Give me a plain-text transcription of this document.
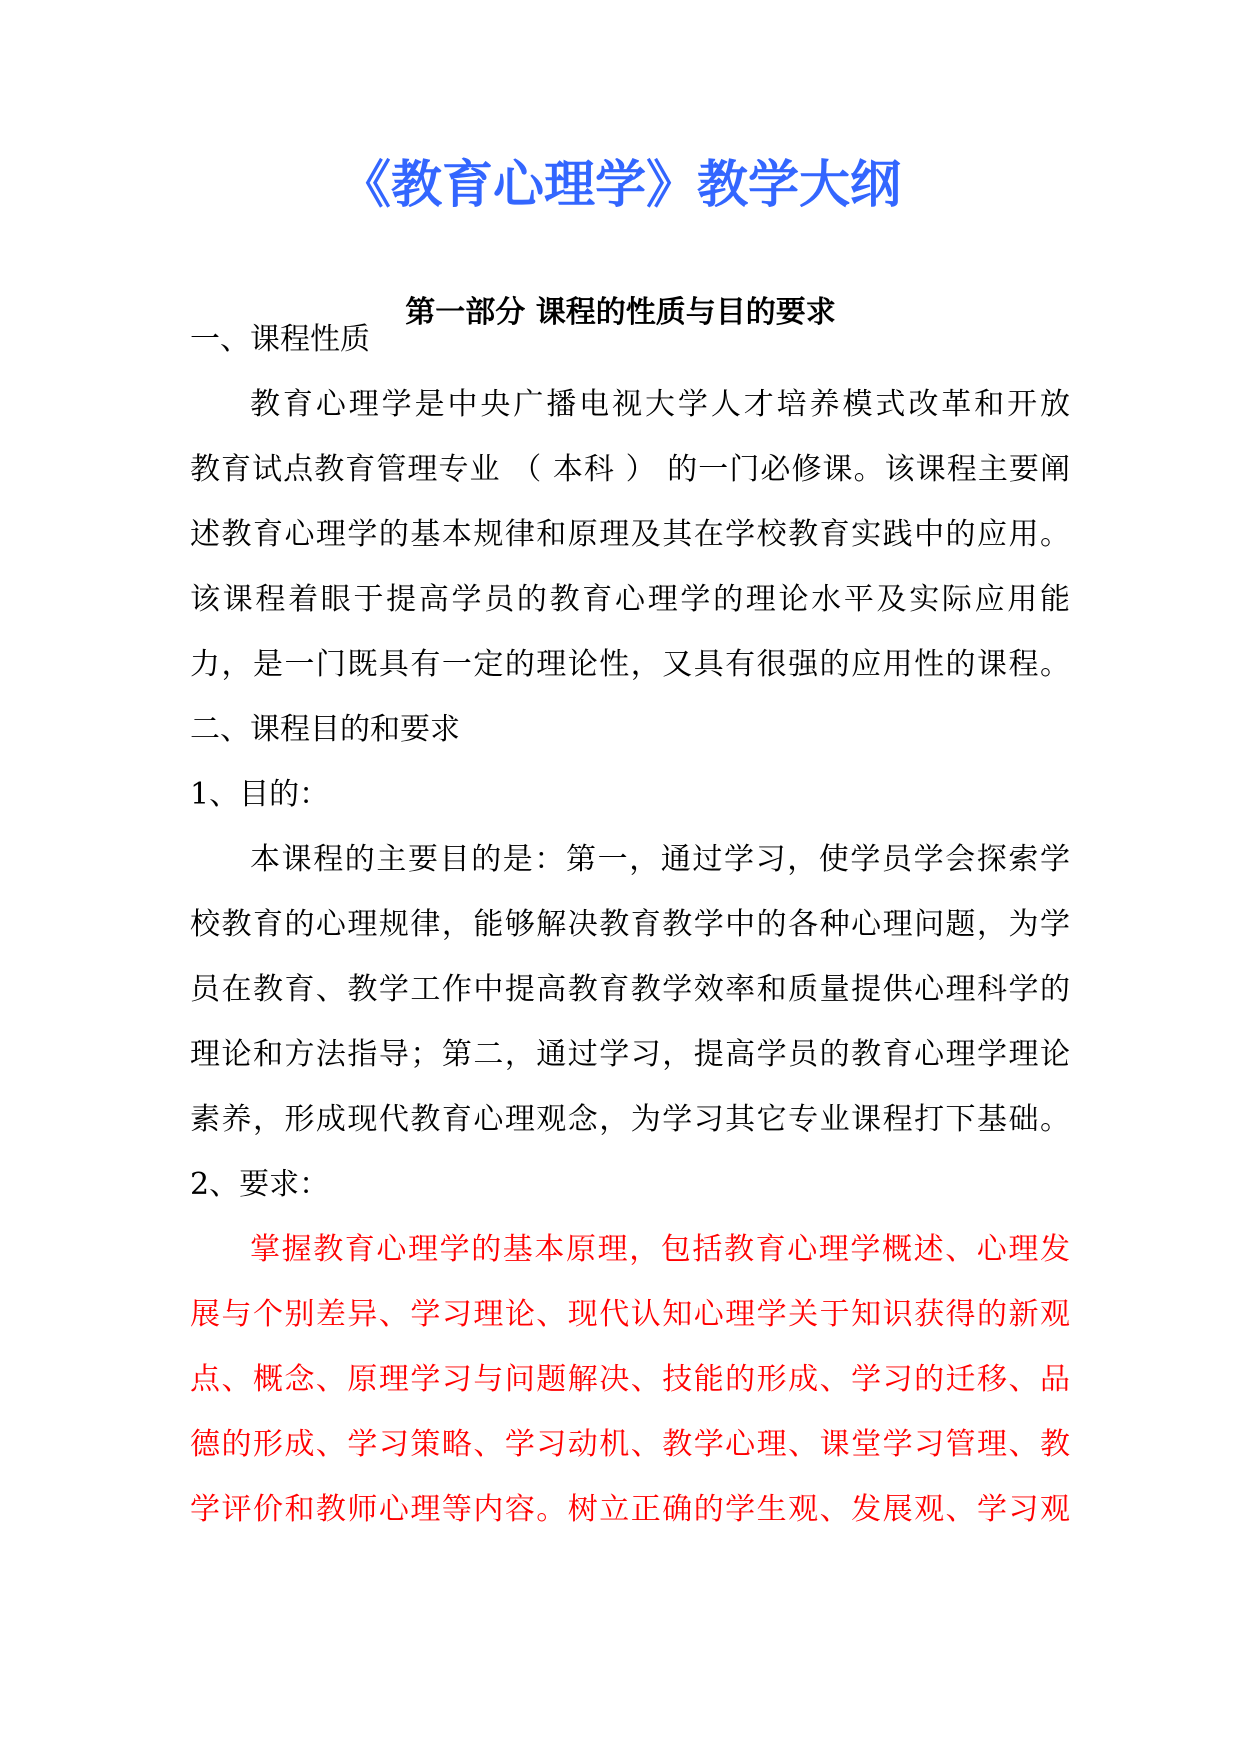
《教育心理学》教学大纲
第一部分 课程的性质与目的要求
一、课程性质
教育心理学是中央广播电视大学人才培养模式改革和开放
教育试点教育管理专业 （ 本科 ） 的一门必修课。该课程主要阐
述教育心理学的基本规律和原理及其在学校教育实践中的应用。
该课程着眼于提高学员的教育心理学的理论水平及实际应用能
力，是一门既具有一定的理论性，又具有很强的应用性的课程。
二、课程目的和要求
1、目的：
本课程的主要目的是：第一，通过学习，使学员学会探索学
校教育的心理规律，能够解决教育教学中的各种心理问题，为学
员在教育、教学工作中提高教育教学效率和质量提供心理科学的
理论和方法指导；第二，通过学习，提高学员的教育心理学理论
素养，形成现代教育心理观念，为学习其它专业课程打下基础。
2、要求：
掌握教育心理学的基本原理，包括教育心理学概述、心理发
展与个别差异、学习理论、现代认知心理学关于知识获得的新观
点、概念、原理学习与问题解决、技能的形成、学习的迁移、品
德的形成、学习策略、学习动机、教学心理、课堂学习管理、教
学评价和教师心理等内容。树立正确的学生观、发展观、学习观
